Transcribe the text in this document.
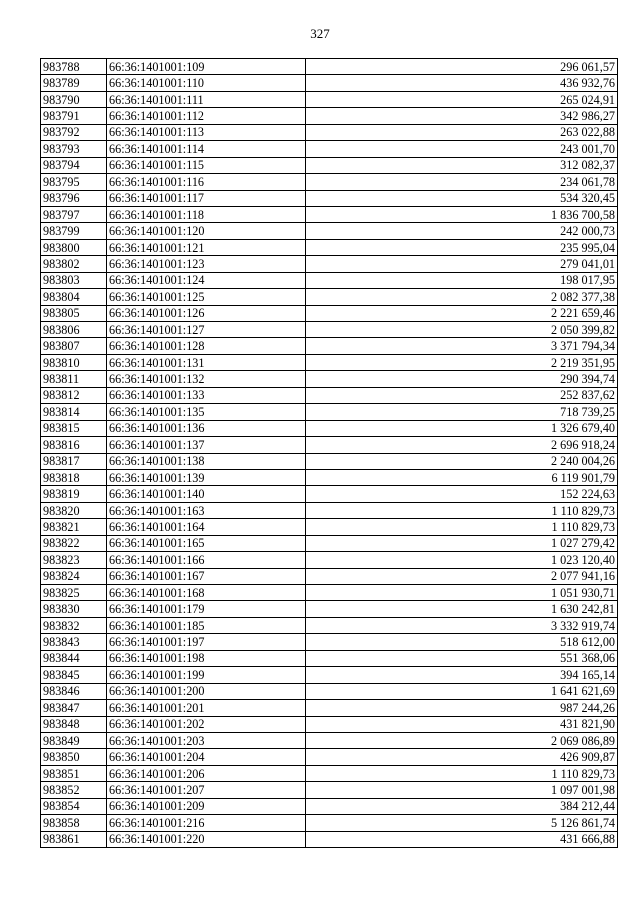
327
983788	66:36:1401001:109	296 061,57
983789	66:36:1401001:110	436 932,76
983790	66:36:1401001:111	265 024,91
983791	66:36:1401001:112	342 986,27
983792	66:36:1401001:113	263 022,88
983793	66:36:1401001:114	243 001,70
983794	66:36:1401001:115	312 082,37
983795	66:36:1401001:116	234 061,78
983796	66:36:1401001:117	534 320,45
983797	66:36:1401001:118	1 836 700,58
983799	66:36:1401001:120	242 000,73
983800	66:36:1401001:121	235 995,04
983802	66:36:1401001:123	279 041,01
983803	66:36:1401001:124	198 017,95
983804	66:36:1401001:125	2 082 377,38
983805	66:36:1401001:126	2 221 659,46
983806	66:36:1401001:127	2 050 399,82
983807	66:36:1401001:128	3 371 794,34
983810	66:36:1401001:131	2 219 351,95
983811	66:36:1401001:132	290 394,74
983812	66:36:1401001:133	252 837,62
983814	66:36:1401001:135	718 739,25
983815	66:36:1401001:136	1 326 679,40
983816	66:36:1401001:137	2 696 918,24
983817	66:36:1401001:138	2 240 004,26
983818	66:36:1401001:139	6 119 901,79
983819	66:36:1401001:140	152 224,63
983820	66:36:1401001:163	1 110 829,73
983821	66:36:1401001:164	1 110 829,73
983822	66:36:1401001:165	1 027 279,42
983823	66:36:1401001:166	1 023 120,40
983824	66:36:1401001:167	2 077 941,16
983825	66:36:1401001:168	1 051 930,71
983830	66:36:1401001:179	1 630 242,81
983832	66:36:1401001:185	3 332 919,74
983843	66:36:1401001:197	518 612,00
983844	66:36:1401001:198	551 368,06
983845	66:36:1401001:199	394 165,14
983846	66:36:1401001:200	1 641 621,69
983847	66:36:1401001:201	987 244,26
983848	66:36:1401001:202	431 821,90
983849	66:36:1401001:203	2 069 086,89
983850	66:36:1401001:204	426 909,87
983851	66:36:1401001:206	1 110 829,73
983852	66:36:1401001:207	1 097 001,98
983854	66:36:1401001:209	384 212,44
983858	66:36:1401001:216	5 126 861,74
983861	66:36:1401001:220	431 666,88
